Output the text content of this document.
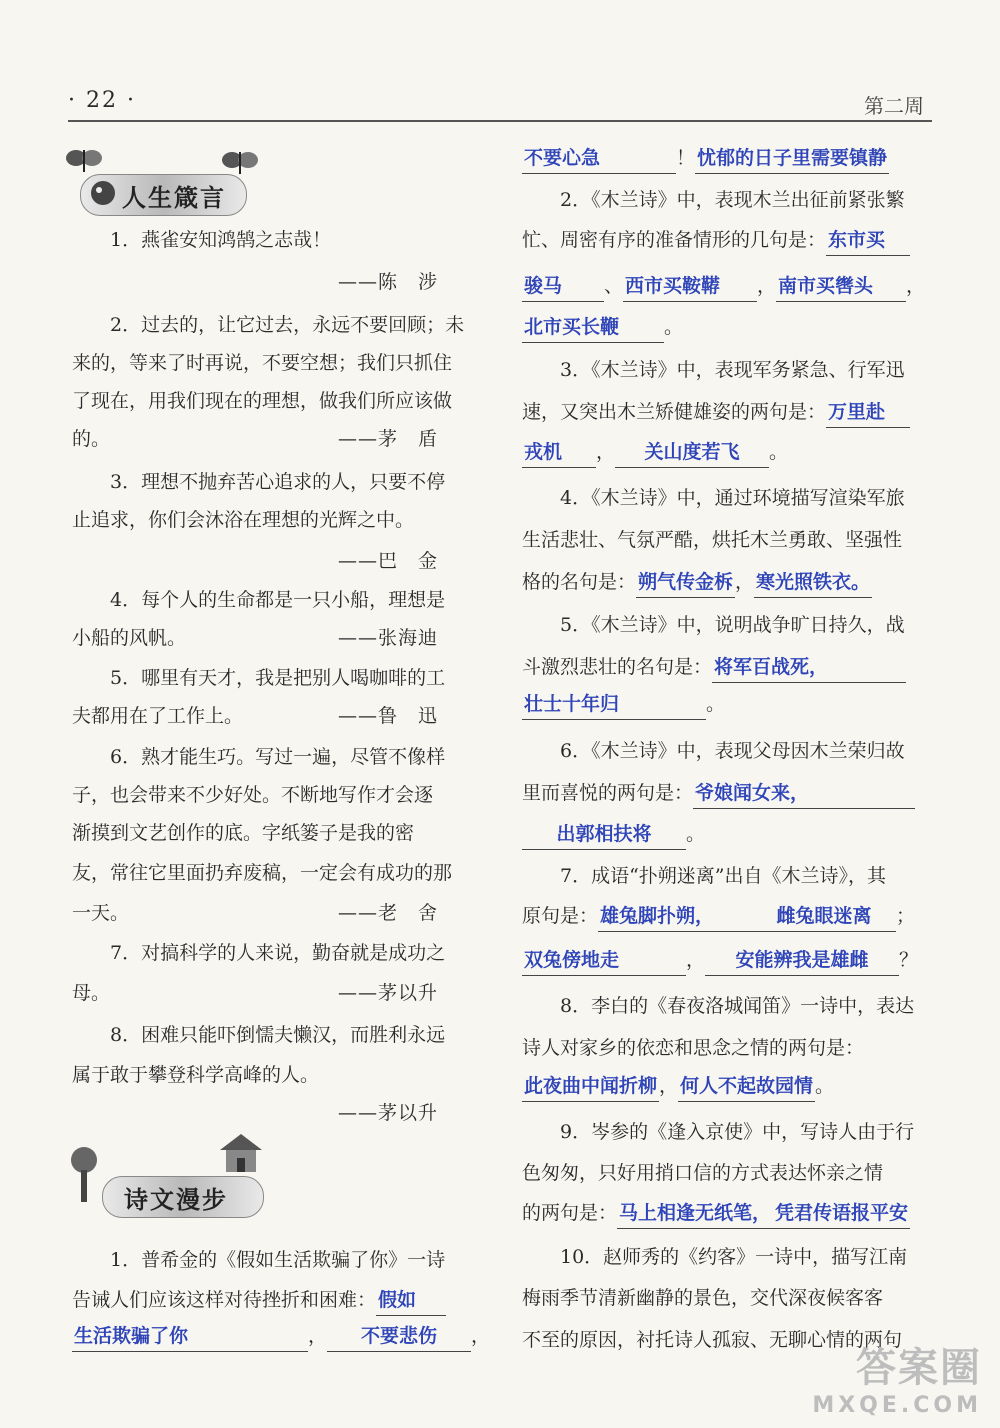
· 22 ·	第二周
人生箴言
1．燕雀安知鸿鹄之志哉！
——陈　涉
2．过去的，让它过去，永远不要回顾；未
来的，等来了时再说，不要空想；我们只抓住
了现在，用我们现在的理想，做我们所应该做
的。	——茅　盾
3．理想不抛弃苦心追求的人，只要不停
止追求，你们会沐浴在理想的光辉之中。
——巴　金
4．每个人的生命都是一只小船，理想是
小船的风帆。	——张海迪
5．哪里有天才，我是把别人喝咖啡的工
夫都用在了工作上。	——鲁　迅
6．熟才能生巧。写过一遍，尽管不像样
子，也会带来不少好处。不断地写作才会逐
渐摸到文艺创作的底。字纸篓子是我的密
友，常往它里面扔弃废稿，一定会有成功的那
一天。	——老　舍
7．对搞科学的人来说，勤奋就是成功之
母。	——茅以升
8．困难只能吓倒懦夫懒汉，而胜利永远
属于敢于攀登科学高峰的人。
——茅以升
诗文漫步
1．普希金的《假如生活欺骗了你》一诗
告诫人们应该这样对待挫折和困难： 假如
生活欺骗了你	， 不要悲伤 ，
不要心急	！ 忧郁的日子里需要镇静
2．《木兰诗》中，表现木兰出征前紧张繁
忙、周密有序的准备情形的几句是： 东市买
骏马 、 西市买鞍鞯 ， 南市买辔头 ，
北市买长鞭 。
3．《木兰诗》中，表现军务紧急、行军迅
速，又突出木兰矫健雄姿的两句是： 万里赴
戎机 ， 关山度若飞 。
4．《木兰诗》中，通过环境描写渲染军旅
生活悲壮、气氛严酷，烘托木兰勇敢、坚强性
格的名句是： 朔气传金柝 ， 寒光照铁衣。
5．《木兰诗》中，说明战争旷日持久，战
斗激烈悲壮的名句是： 将军百战死，
壮士十年归	。
6．《木兰诗》中，表现父母因木兰荣归故
里而喜悦的两句是： 爷娘闻女来，
出郭相扶将 。
7．成语“扑朔迷离”出自《木兰诗》，其
原句是： 雄兔脚扑朔，	雌兔眼迷离 ；
双兔傍地走	， 安能辨我是雄雌 ？
8．李白的《春夜洛城闻笛》一诗中，表达
诗人对家乡的依恋和思念之情的两句是：
此夜曲中闻折柳 ， 何人不起故园情 。
9．岑参的《逢入京使》中，写诗人由于行
色匆匆，只好用捎口信的方式表达怀亲之情
的两句是： 马上相逢无纸笔， 凭君传语报平安
10．赵师秀的《约客》一诗中，描写江南
梅雨季节清新幽静的景色，交代深夜候客客
不至的原因，衬托诗人孤寂、无聊心情的两句
答案圈
MXQE.COM
